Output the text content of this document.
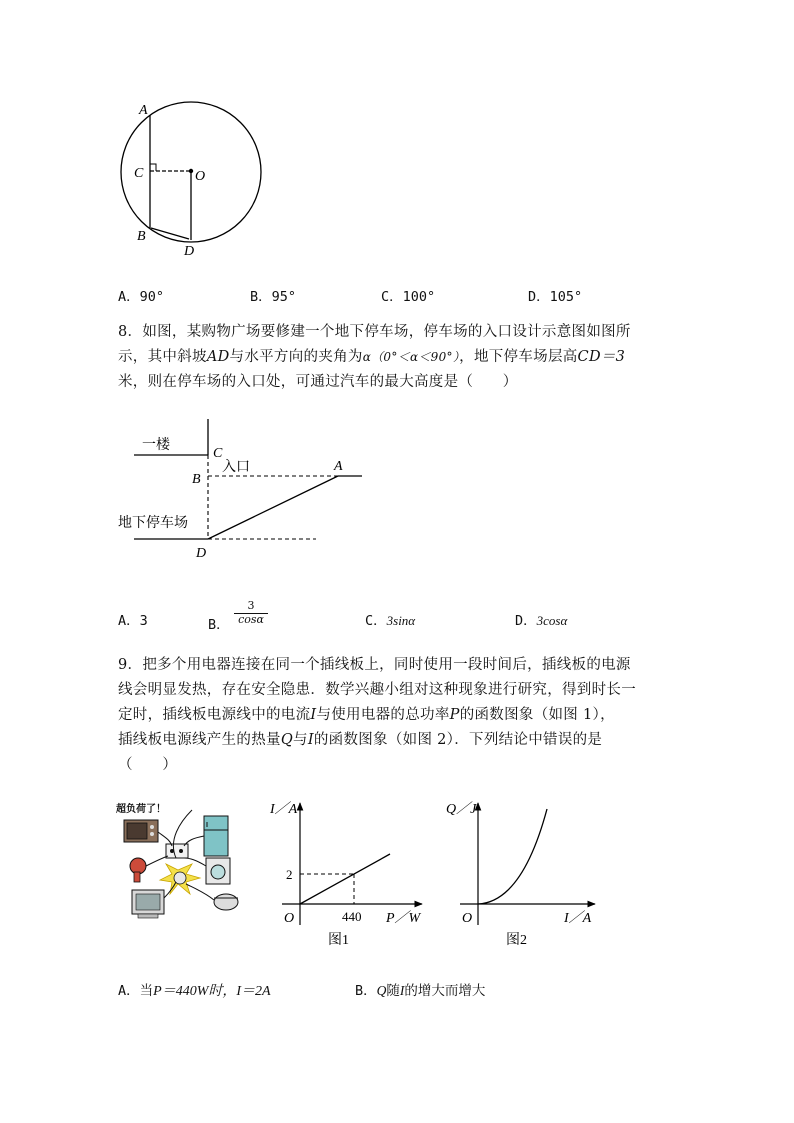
A
C	O
B
D
A．90°	B．95°	C．100°	D．105°
8．如图，某购物广场要修建一个地下停车场，停车场的入口设计示意图如图所
示，其中斜坡AD与水平方向的夹角为α（0°＜α＜90°），地下停车场层高CD＝3
米，则在停车场的入口处，可通过汽车的最大高度是（　　）
一楼
C
入口	A
B
地下停车场
D
A．3	B．
3
cosα	C．3sinα	D．3cosα
9．把多个用电器连接在同一个插线板上，同时使用一段时间后，插线板的电源
线会明显发热，存在安全隐患．数学兴趣小组对这种现象进行研究，得到时长一
定时，插线板电源线中的电流I与使用电器的总功率P的函数图象（如图 1），
插线板电源线产生的热量Q与I的函数图象（如图 2）．下列结论中错误的是
（　　）
超负荷了！	I／A
P／W
O
2
440
图1
Q／J
I／A
O
图2
A．当P＝440W时，I＝2A	B．Q随I的增大而增大
